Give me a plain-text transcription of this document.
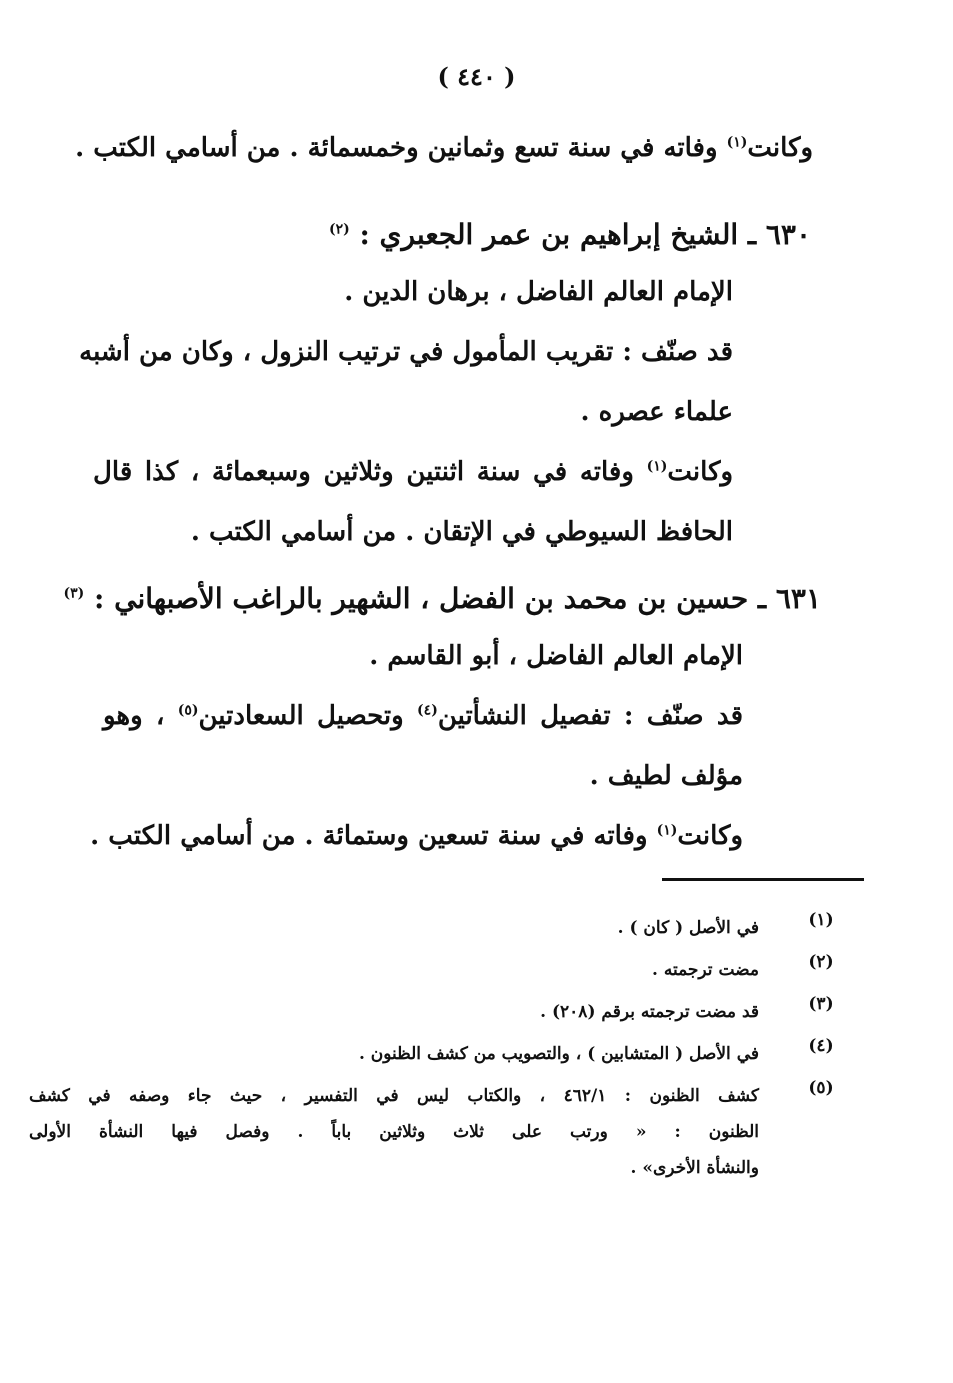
( ٤٤٠ )
وكانت$^{(١)}$ وفاته في سنة تسع وثمانين وخمسمائة . من أسامي الكتب .
٦٣٠ ـ الشيخ إبراهيم بن عمر الجعبري : $^{(٢)}$
الإمام العالم الفاضل ، برهان الدين .
قد صنّف : تقريب المأمول في ترتيب النزول ، وكان من أشبه
علماء عصره .
وكانت$^{(١)}$ وفاته في سنة اثنتين وثلاثين وسبعمائة ، كذا قال
الحافظ السيوطي في الإتقان . من أسامي الكتب .
٦٣١ ـ حسين بن محمد بن الفضل ، الشهير بالراغب الأصبهاني : $^{(٣)}$
الإمام العالم الفاضل ، أبو القاسم .
قد صنّف : تفصيل النشأتين$^{(٤)}$ وتحصيل السعادتين$^{(٥)}$ ، وهو
مؤلف لطيف .
وكانت$^{(١)}$ وفاته في سنة تسعين وستمائة . من أسامي الكتب .
(١)
في الأصل ( كان ) .
(٢)
مضت ترجمته .
(٣)
قد مضت ترجمته برقم (٢٠٨) .
(٤)
في الأصل ( المتشابين ) ، والتصويب من كشف الظنون .
(٥)
كشف الظنون : ٤٦٢/١ ، والكتاب ليس في التفسير ، حيث جاء وصفه في كشف
الظنون : « ورتب على ثلاث وثلاثين باباً . وفصل فيها النشأة الأولى
والنشأة الأخرى» .
